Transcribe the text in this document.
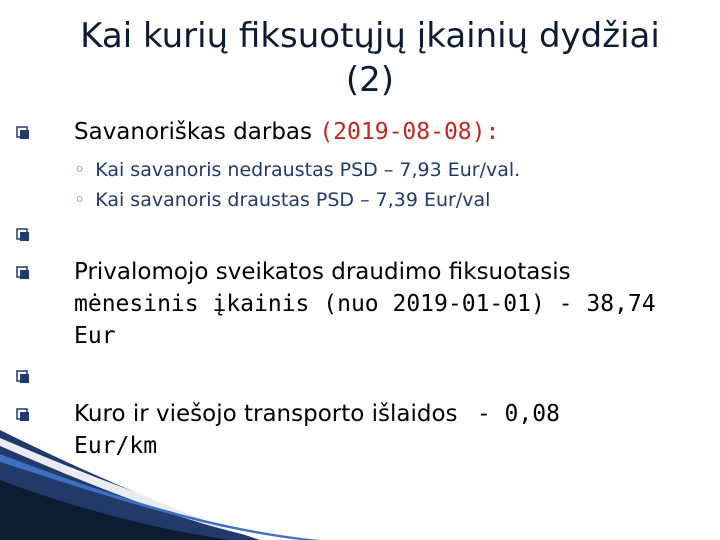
Kai kurių fiksuotųjų įkainių dydžiai (2)
Savanoriškas darbas (2019-08-08):
◦ Kai savanoris nedraustas PSD – 7,93 Eur/val.
◦ Kai savanoris draustas PSD – 7,39 Eur/val
Privalomojo sveikatos draudimo fiksuotasis
mėnesinis įkainis (nuo 2019-01-01) - 38,74
Eur
Kuro ir viešojo transporto išlaidos - 0,08
Eur/km
